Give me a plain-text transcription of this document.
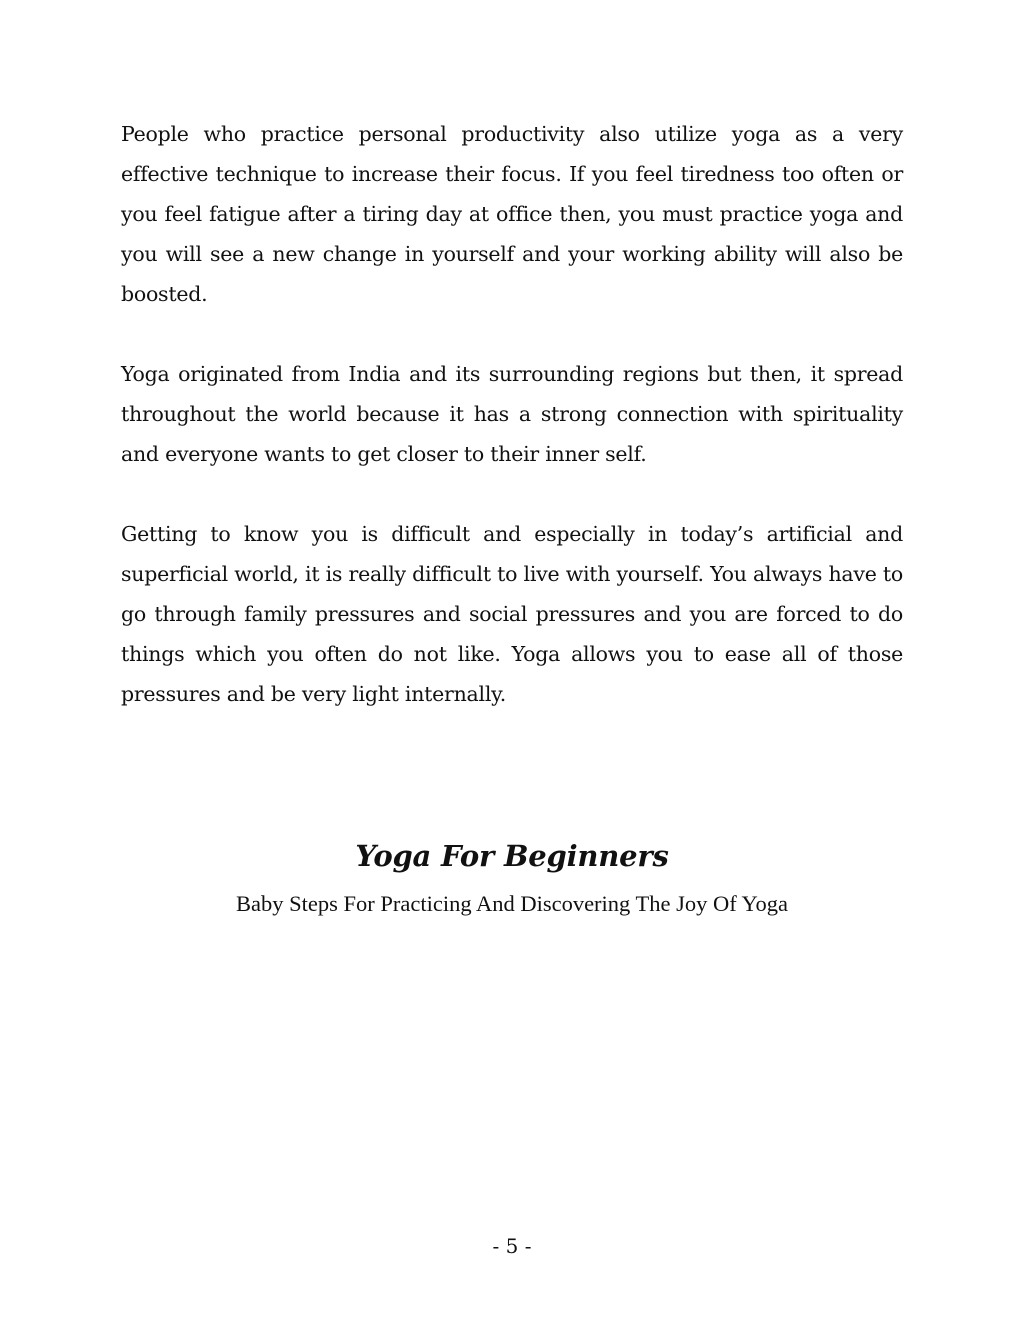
People who practice personal productivity also utilize yoga as a very effective technique to increase their focus. If you feel tiredness too often or you feel fatigue after a tiring day at office then, you must practice yoga and you will see a new change in yourself and your working ability will also be boosted.

Yoga originated from India and its surrounding regions but then, it spread throughout the world because it has a strong connection with spirituality and everyone wants to get closer to their inner self.

Getting to know you is difficult and especially in today’s artificial and superficial world, it is really difficult to live with yourself. You always have to go through family pressures and social pressures and you are forced to do things which you often do not like. Yoga allows you to ease all of those pressures and be very light internally.

Yoga For Beginners

Baby Steps For Practicing And Discovering The Joy Of Yoga

- 5 -
